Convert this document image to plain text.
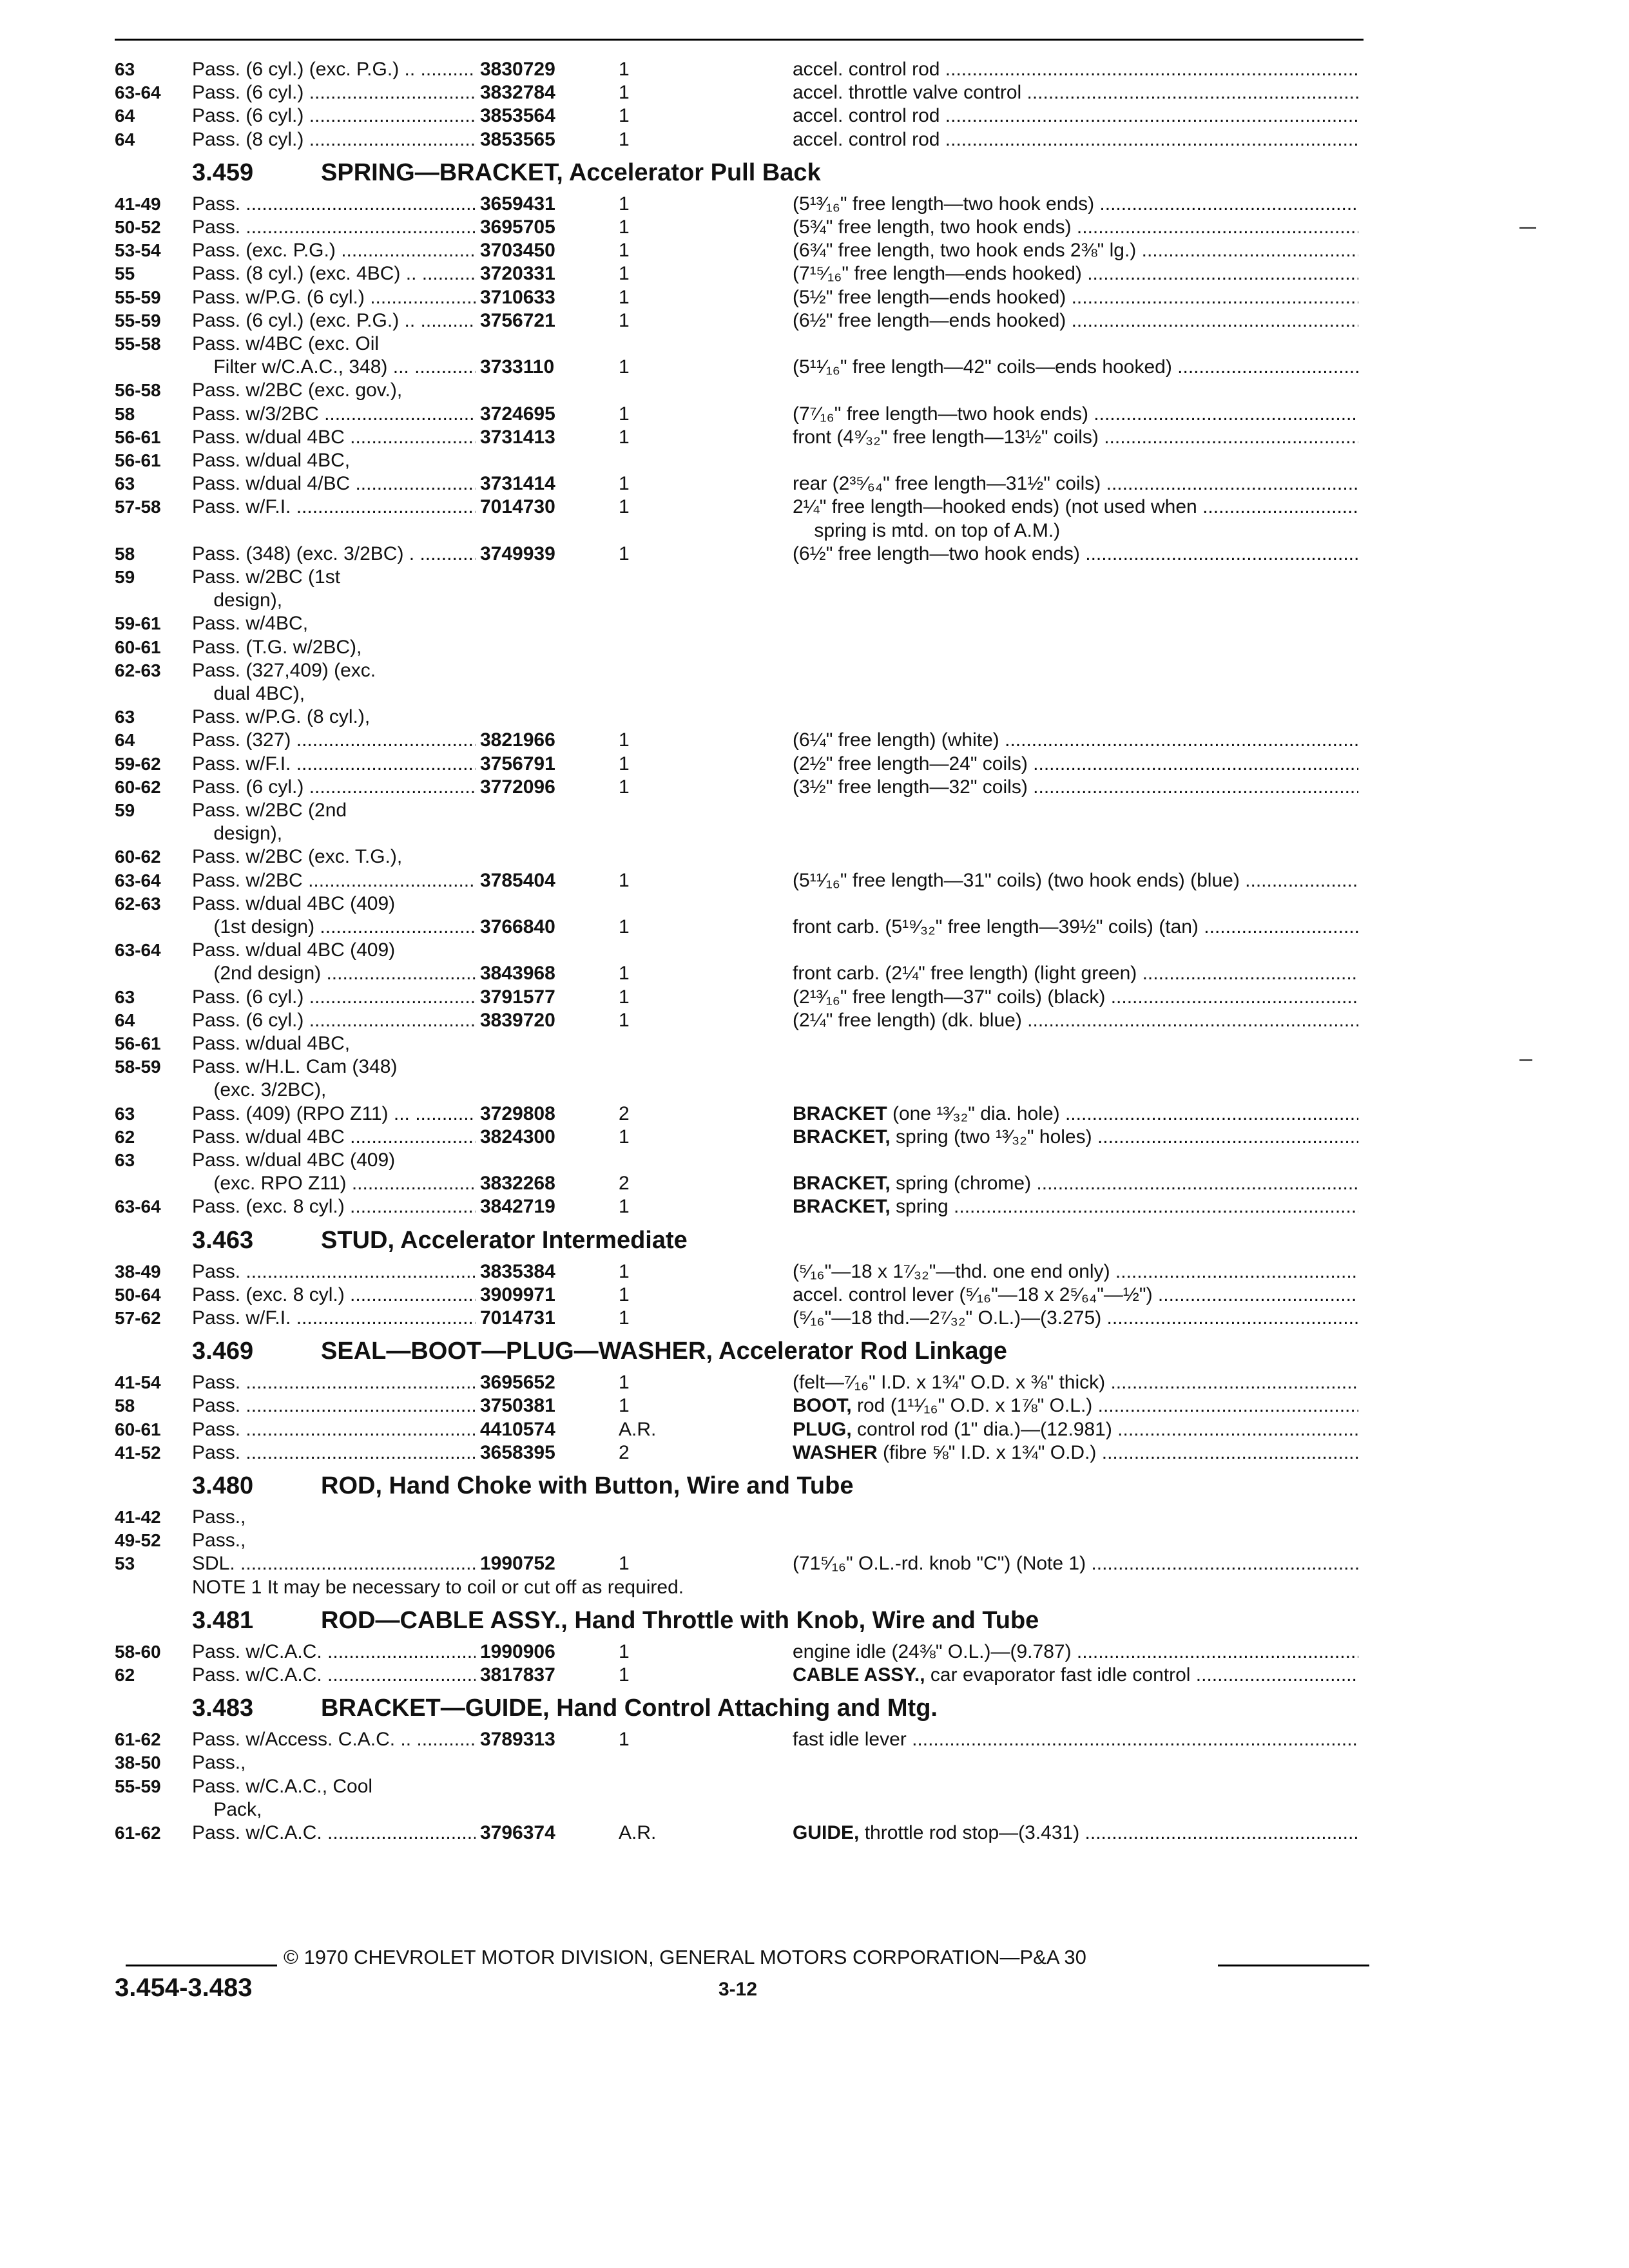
63	Pass. (6 cyl.) (exc. P.G.) .. .....	3830729	1	accel. control rod .....
63-64 Pass. (6 cyl.) .....	3832784	1	accel. throttle valve control .....
64	Pass. (6 cyl.) .....	3853564	1	accel. control rod .....
64	Pass. (8 cyl.) .....	3853565	1	accel. control rod .....
3.459	SPRING—BRACKET, Accelerator Pull Back
41-49 Pass. .....	3659431	1	(5¹³⁄₁₆" free length—two hook ends) .....
50-52 Pass. .....	3695705	1	(5¾" free length, two hook ends) .....
53-54 Pass. (exc. P.G.) .....	3703450	1	(6¾" free length, two hook ends 2⅜" lg.) .....
55	Pass. (8 cyl.) (exc. 4BC) .. .....	3720331	1	(7¹⁵⁄₁₆" free length—ends hooked) .....
55-59 Pass. w/P.G. (6 cyl.) .....	3710633	1	(5½" free length—ends hooked) .....
55-59 Pass. (6 cyl.) (exc. P.G.) .. .....	3756721	1	(6½" free length—ends hooked) .....
55-58 Pass. w/4BC (exc. Oil
Filter w/C.A.C., 348) ... .....	3733110	1	(5¹¹⁄₁₆" free length—42" coils—ends hooked) .....
56-58 Pass. w/2BC (exc. gov.),
58	Pass. w/3/2BC .....	3724695	1	(7⁷⁄₁₆" free length—two hook ends) .....
56-61 Pass. w/dual 4BC .....	3731413	1	front (4⁹⁄₃₂" free length—13½" coils) .....
56-61 Pass. w/dual 4BC,
63	Pass. w/dual 4/BC .....	3731414	1	rear (2³⁵⁄₆₄" free length—31½" coils) .....
57-58 Pass. w/F.I. .....	7014730	1	2¼" free length—hooked ends) (not used when .....
spring is mtd. on top of A.M.)
58	Pass. (348) (exc. 3/2BC) . .....	3749939	1	(6½" free length—two hook ends) .....
59	Pass. w/2BC (1st
design),
59-61 Pass. w/4BC,
60-61 Pass. (T.G. w/2BC),
62-63 Pass. (327,409) (exc.
dual 4BC),
63	Pass. w/P.G. (8 cyl.),
64	Pass. (327) .....	3821966	1	(6¼" free length) (white) .....
59-62 Pass. w/F.I. .....	3756791	1	(2½" free length—24" coils) .....
60-62 Pass. (6 cyl.) .....	3772096	1	(3½" free length—32" coils) .....
59	Pass. w/2BC (2nd
design),
60-62 Pass. w/2BC (exc. T.G.),
63-64 Pass. w/2BC .....	3785404	1	(5¹¹⁄₁₆" free length—31" coils) (two hook ends) (blue) .....
62-63 Pass. w/dual 4BC (409)
(1st design) .....	3766840	1	front carb. (5¹⁹⁄₃₂" free length—39½" coils) (tan) .....
63-64 Pass. w/dual 4BC (409)
(2nd design) .....	3843968	1	front carb. (2¼" free length) (light green) .....
63	Pass. (6 cyl.) .....	3791577	1	(2¹³⁄₁₆" free length—37" coils) (black) .....
64	Pass. (6 cyl.) .....	3839720	1	(2¼" free length) (dk. blue) .....
56-61 Pass. w/dual 4BC,
58-59 Pass. w/H.L. Cam (348)
(exc. 3/2BC),
63	Pass. (409) (RPO Z11) ... .....	3729808	2	BRACKET (one ¹³⁄₃₂" dia. hole) .....
62	Pass. w/dual 4BC .....	3824300	1	BRACKET, spring (two ¹³⁄₃₂" holes) .....
63	Pass. w/dual 4BC (409)
(exc. RPO Z11) .....	3832268	2	BRACKET, spring (chrome) .....
63-64 Pass. (exc. 8 cyl.) .....	3842719	1	BRACKET, spring .....
3.463	STUD, Accelerator Intermediate
38-49 Pass. .....	3835384	1	(⁵⁄₁₆"—18 x 1⁷⁄₃₂"—thd. one end only) .....
50-64 Pass. (exc. 8 cyl.) .....	3909971	1	accel. control lever (⁵⁄₁₆"—18 x 2⁵⁄₆₄"—½") .....
57-62 Pass. w/F.I. .....	7014731	1	(⁵⁄₁₆"—18 thd.—2⁷⁄₃₂" O.L.)—(3.275) .....
3.469	SEAL—BOOT—PLUG—WASHER, Accelerator Rod Linkage
41-54 Pass. .....	3695652	1	(felt—⁷⁄₁₆" I.D. x 1¾" O.D. x ⅜" thick) .....
58	Pass. .....	3750381	1	BOOT, rod (1¹¹⁄₁₆" O.D. x 1⅞" O.L.) .....
60-61 Pass. .....	4410574	A.R.	PLUG, control rod (1" dia.)—(12.981) .....
41-52 Pass. .....	3658395	2	WASHER (fibre ⅝" I.D. x 1¾" O.D.) .....
3.480	ROD, Hand Choke with Button, Wire and Tube
41-42 Pass.,
49-52 Pass.,
53	SDL. .....	1990752	1	(71⁵⁄₁₆" O.L.-rd. knob "C") (Note 1) .....
NOTE 1 It may be necessary to coil or cut off as required.
3.481	ROD—CABLE ASSY., Hand Throttle with Knob, Wire and Tube
58-60 Pass. w/C.A.C. .....	1990906	1	engine idle (24⅜" O.L.)—(9.787) .....
62	Pass. w/C.A.C. .....	3817837	1	CABLE ASSY., car evaporator fast idle control .....
3.483	BRACKET—GUIDE, Hand Control Attaching and Mtg.
61-62 Pass. w/Access. C.A.C. .. .....	3789313	1	fast idle lever .....
38-50 Pass.,
55-59 Pass. w/C.A.C., Cool
Pack,
61-62 Pass. w/C.A.C. .....	3796374	A.R.	GUIDE, throttle rod stop—(3.431) .....
© 1970 CHEVROLET MOTOR DIVISION, GENERAL MOTORS CORPORATION—P&A 30
3.454-3.483	3-12
